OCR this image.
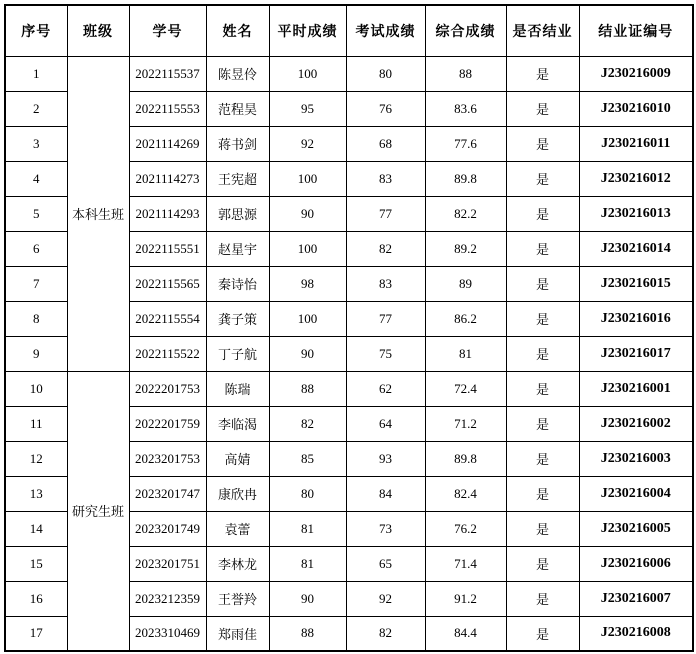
序号	班级	学号	姓名	平时成绩	考试成绩	综合成绩	是否结业	结业证编号
1	本科生班	2022115537	陈昱伶	100	80	88	是	J230216009
2		2022115553	范程昊	95	76	83.6	是	J230216010
3		2021114269	蒋书剑	92	68	77.6	是	J230216011
4		2021114273	王宪超	100	83	89.8	是	J230216012
5		2021114293	郭思源	90	77	82.2	是	J230216013
6		2022115551	赵星宇	100	82	89.2	是	J230216014
7		2022115565	秦诗怡	98	83	89	是	J230216015
8		2022115554	龚子策	100	77	86.2	是	J230216016
9		2022115522	丁子航	90	75	81	是	J230216017
10	研究生班	2022201753	陈瑞	88	62	72.4	是	J230216001
11		2022201759	李临渴	82	64	71.2	是	J230216002
12		2023201753	高婧	85	93	89.8	是	J230216003
13		2023201747	康欣冉	80	84	82.4	是	J230216004
14		2023201749	袁蕾	81	73	76.2	是	J230216005
15		2023201751	李林龙	81	65	71.4	是	J230216006
16		2023212359	王誉羚	90	92	91.2	是	J230216007
17		2023310469	郑雨佳	88	82	84.4	是	J230216008
